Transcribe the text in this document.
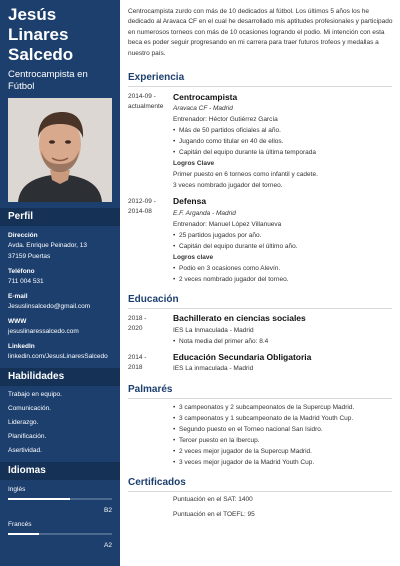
Jesús
Linares
Salcedo
Centrocampista en
Fútbol
Perfil
Dirección
Avda. Enrique Peinador, 13
37159 Puertas
Teléfono
711 004 531
E-mail
Jesuslinsalcedo@gmail.com
WWW
jesuslinaressalcedo.com
LinkedIn
linkedin.com/JesusLinaresSalcedo
Habilidades
Trabajo en equipo.
Comunicación.
Liderazgo.
Planificación.
Asertividad.
Idiomas
Inglés
B2
Francés
A2
Centrocampista zurdo con más de 10 dedicados al fútbol. Los últimos 5 años los he
dedicado al Aravaca CF en el cual he desarrollado mis aptitudes profesionales y participado
en numerosos torneos con más de 10 ocasiones logrando el podio. Mi intención con esta
beca es poder seguir progresando en mi carrera para traer futuros trofeos y medallas a
nuestro país.
Experiencia
2014-09 -
actualmente
Centrocampista
Aravaca CF - Madrid
Entrenador: Héctor Gutiérrez García
• Más de 50 partidos oficiales al año.
• Jugando como titular en 40 de ellos.
• Capitán del equipo durante la última temporada
Logros Clave
Primer puesto en 6 torneos como infantil y cadete.
3 veces nombrado jugador del torneo.
2012-09 -
2014-08
Defensa
E.F. Arganda - Madrid
Entrenador: Manuel López Villanueva
• 25 partidos jugados por año.
• Capitán del equipo durante el último año.
Logros clave
• Podio en 3 ocasiones como Alevín.
• 2 veces nombrado jugador del torneo.
Educación
2018 -
2020
Bachillerato en ciencias sociales
IES La Inmaculada - Madrid
• Nota media del primer año: 8.4
2014 -
2018
Educación Secundaria Obligatoria
IES La inmaculada - Madrid
Palmarés
• 3 campeonatos y 2 subcampeonatos de la Supercup Madrid.
• 3 campeonatos y 1 subcampeonato de la Madrid Youth Cup.
• Segundo puesto en el Torneo nacional San Isidro.
• Tercer puesto en la Ibercup.
• 2 veces mejor jugador de la Supercup Madrid.
• 3 veces mejor jugador de la Madrid Youth Cup.
Certificados
Puntuación en el SAT: 1400
Puntuación en el TOEFL: 95
